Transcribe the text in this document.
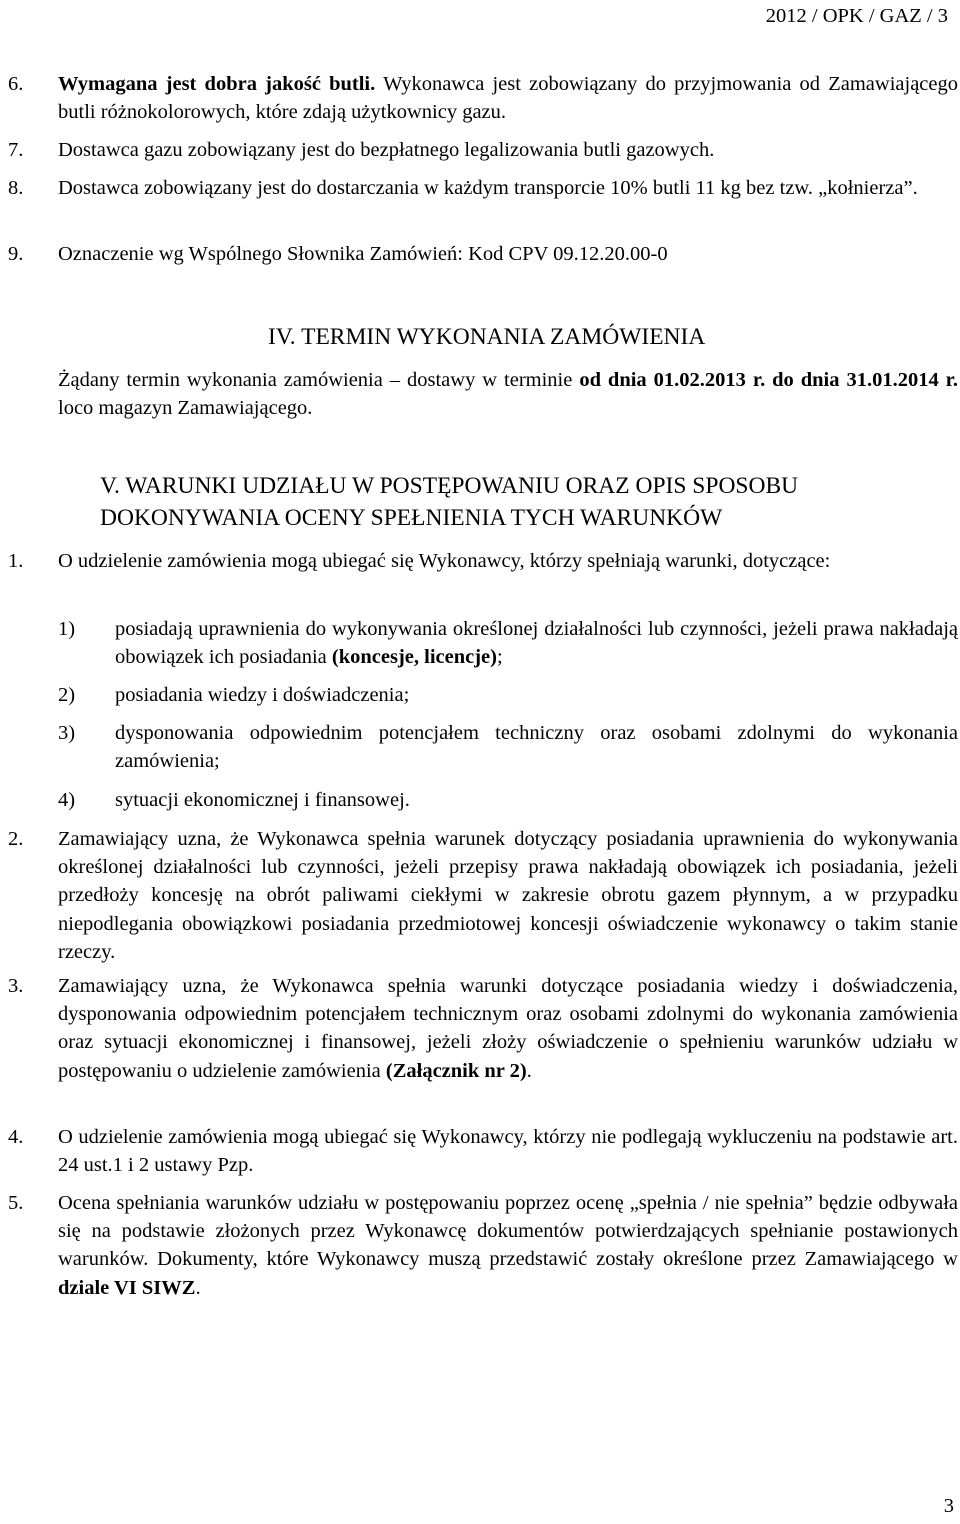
2012 / OPK / GAZ / 3
6. Wymagana jest dobra jakość butli. Wykonawca jest zobowiązany do przyjmowania od Zamawiającego butli różnokolorowych, które zdają użytkownicy gazu.
7. Dostawca gazu zobowiązany jest do bezpłatnego legalizowania butli gazowych.
8. Dostawca zobowiązany jest do dostarczania w każdym transporcie 10% butli 11 kg bez tzw. „kołnierza”.
9. Oznaczenie wg Wspólnego Słownika Zamówień: Kod CPV 09.12.20.00-0
IV. TERMIN WYKONANIA ZAMÓWIENIA
Żądany termin wykonania zamówienia – dostawy w terminie od dnia 01.02.2013 r. do dnia 31.01.2014 r. loco magazyn Zamawiającego.
V. WARUNKI UDZIAŁU W POSTĘPOWANIU ORAZ OPIS SPOSOBU
DOKONYWANIA OCENY SPEŁNIENIA TYCH WARUNKÓW
1. O udzielenie zamówienia mogą ubiegać się Wykonawcy, którzy spełniają warunki, dotyczące:
1) posiadają uprawnienia do wykonywania określonej działalności lub czynności, jeżeli prawa nakładają obowiązek ich posiadania (koncesje, licencje);
2) posiadania wiedzy i doświadczenia;
3) dysponowania odpowiednim potencjałem techniczny oraz osobami zdolnymi do wykonania zamówienia;
4) sytuacji ekonomicznej i finansowej.
2. Zamawiający uzna, że Wykonawca spełnia warunek dotyczący posiadania uprawnienia do wykonywania określonej działalności lub czynności, jeżeli przepisy prawa nakładają obowiązek ich posiadania, jeżeli przedłoży koncesję na obrót paliwami ciekłymi w zakresie obrotu gazem płynnym, a w przypadku niepodlegania obowiązkowi posiadania przedmiotowej koncesji oświadczenie wykonawcy o takim stanie rzeczy.
3. Zamawiający uzna, że Wykonawca spełnia warunki dotyczące posiadania wiedzy i doświadczenia, dysponowania odpowiednim potencjałem technicznym oraz osobami zdolnymi do wykonania zamówienia oraz sytuacji ekonomicznej i finansowej, jeżeli złoży oświadczenie o spełnieniu warunków udziału w postępowaniu o udzielenie zamówienia (Załącznik nr 2).
4. O udzielenie zamówienia mogą ubiegać się Wykonawcy, którzy nie podlegają wykluczeniu na podstawie art. 24 ust.1 i 2 ustawy Pzp.
5. Ocena spełniania warunków udziału w postępowaniu poprzez ocenę „spełnia / nie spełnia” będzie odbywała się na podstawie złożonych przez Wykonawcę dokumentów potwierdzających spełnianie postawionych warunków. Dokumenty, które Wykonawcy muszą przedstawić zostały określone przez Zamawiającego w dziale VI SIWZ.
3
